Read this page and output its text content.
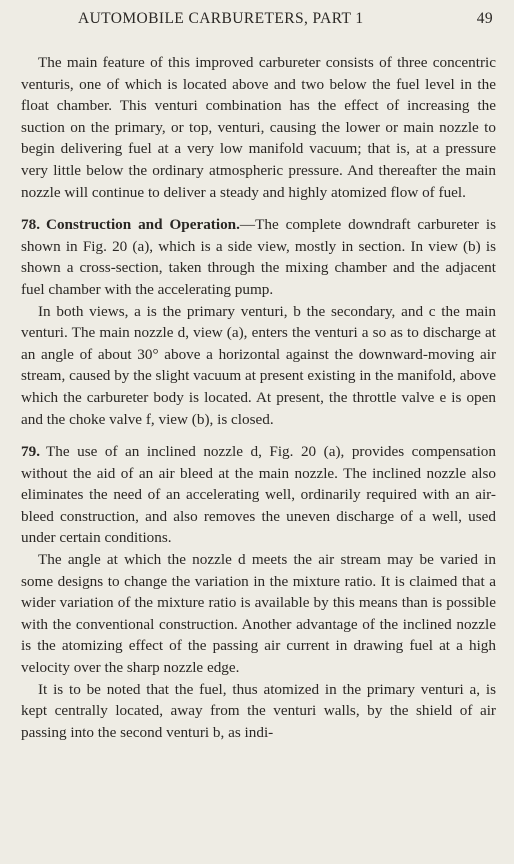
AUTOMOBILE CARBURETERS, PART 1	49

The main feature of this improved carbureter consists of three concentric venturis, one of which is located above and two below the fuel level in the float chamber. This venturi combination has the effect of increasing the suction on the primary, or top, venturi, causing the lower or main nozzle to begin delivering fuel at a very low manifold vacuum; that is, at a pressure very little below the ordinary atmospheric pressure. And thereafter the main nozzle will continue to deliver a steady and highly atomized flow of fuel.

78. Construction and Operation.—The complete downdraft carbureter is shown in Fig. 20 (a), which is a side view, mostly in section. In view (b) is shown a cross-section, taken through the mixing chamber and the adjacent fuel chamber with the accelerating pump.

In both views, a is the primary venturi, b the secondary, and c the main venturi. The main nozzle d, view (a), enters the venturi a so as to discharge at an angle of about 30° above a horizontal against the downward-moving air stream, caused by the slight vacuum at present existing in the manifold, above which the carbureter body is located. At present, the throttle valve e is open and the choke valve f, view (b), is closed.

79. The use of an inclined nozzle d, Fig. 20 (a), provides compensation without the aid of an air bleed at the main nozzle. The inclined nozzle also eliminates the need of an accelerating well, ordinarily required with an air-bleed construction, and also removes the uneven discharge of a well, used under certain conditions.

The angle at which the nozzle d meets the air stream may be varied in some designs to change the variation in the mixture ratio. It is claimed that a wider variation of the mixture ratio is available by this means than is possible with the conventional construction. Another advantage of the inclined nozzle is the atomizing effect of the passing air current in drawing fuel at a high velocity over the sharp nozzle edge.

It is to be noted that the fuel, thus atomized in the primary venturi a, is kept centrally located, away from the venturi walls, by the shield of air passing into the second venturi b, as indi-
